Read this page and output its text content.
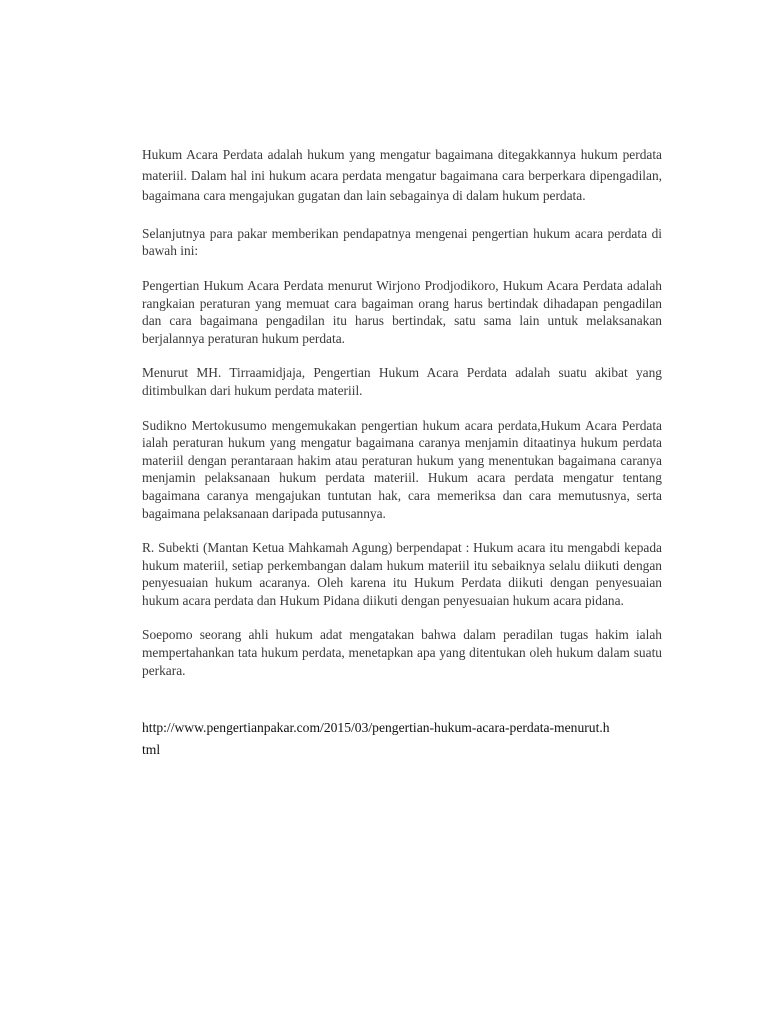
Hukum Acara Perdata adalah hukum yang mengatur bagaimana ditegakkannya hukum perdata materiil. Dalam hal ini hukum acara perdata mengatur bagaimana cara berperkara dipengadilan, bagaimana cara mengajukan gugatan dan lain sebagainya di dalam hukum perdata.

Selanjutnya para pakar memberikan pendapatnya mengenai pengertian hukum acara perdata di bawah ini:

Pengertian Hukum Acara Perdata menurut Wirjono Prodjodikoro, Hukum Acara Perdata adalah rangkaian peraturan yang memuat cara bagaiman orang harus bertindak dihadapan pengadilan dan cara bagaimana pengadilan itu harus bertindak, satu sama lain untuk melaksanakan berjalannya peraturan hukum perdata.

Menurut MH. Tirraamidjaja, Pengertian Hukum Acara Perdata adalah suatu akibat yang ditimbulkan dari hukum perdata materiil.

Sudikno Mertokusumo mengemukakan pengertian hukum acara perdata,Hukum Acara Perdata ialah peraturan hukum yang mengatur bagaimana caranya menjamin ditaatinya hukum perdata materiil dengan perantaraan hakim atau peraturan hukum yang menentukan bagaimana caranya menjamin pelaksanaan hukum perdata materiil. Hukum acara perdata mengatur tentang bagaimana caranya mengajukan tuntutan hak, cara memeriksa dan cara memutusnya, serta bagaimana pelaksanaan daripada putusannya.

R. Subekti (Mantan Ketua Mahkamah Agung) berpendapat : Hukum acara itu mengabdi kepada hukum materiil, setiap perkembangan dalam hukum materiil itu sebaiknya selalu diikuti dengan penyesuaian hukum acaranya. Oleh karena itu Hukum Perdata diikuti dengan penyesuaian hukum acara perdata dan Hukum Pidana diikuti dengan penyesuaian hukum acara pidana.

Soepomo seorang ahli hukum adat mengatakan bahwa dalam peradilan tugas hakim ialah mempertahankan tata hukum perdata, menetapkan apa yang ditentukan oleh hukum dalam suatu perkara.

http://www.pengertianpakar.com/2015/03/pengertian-hukum-acara-perdata-menurut.html
